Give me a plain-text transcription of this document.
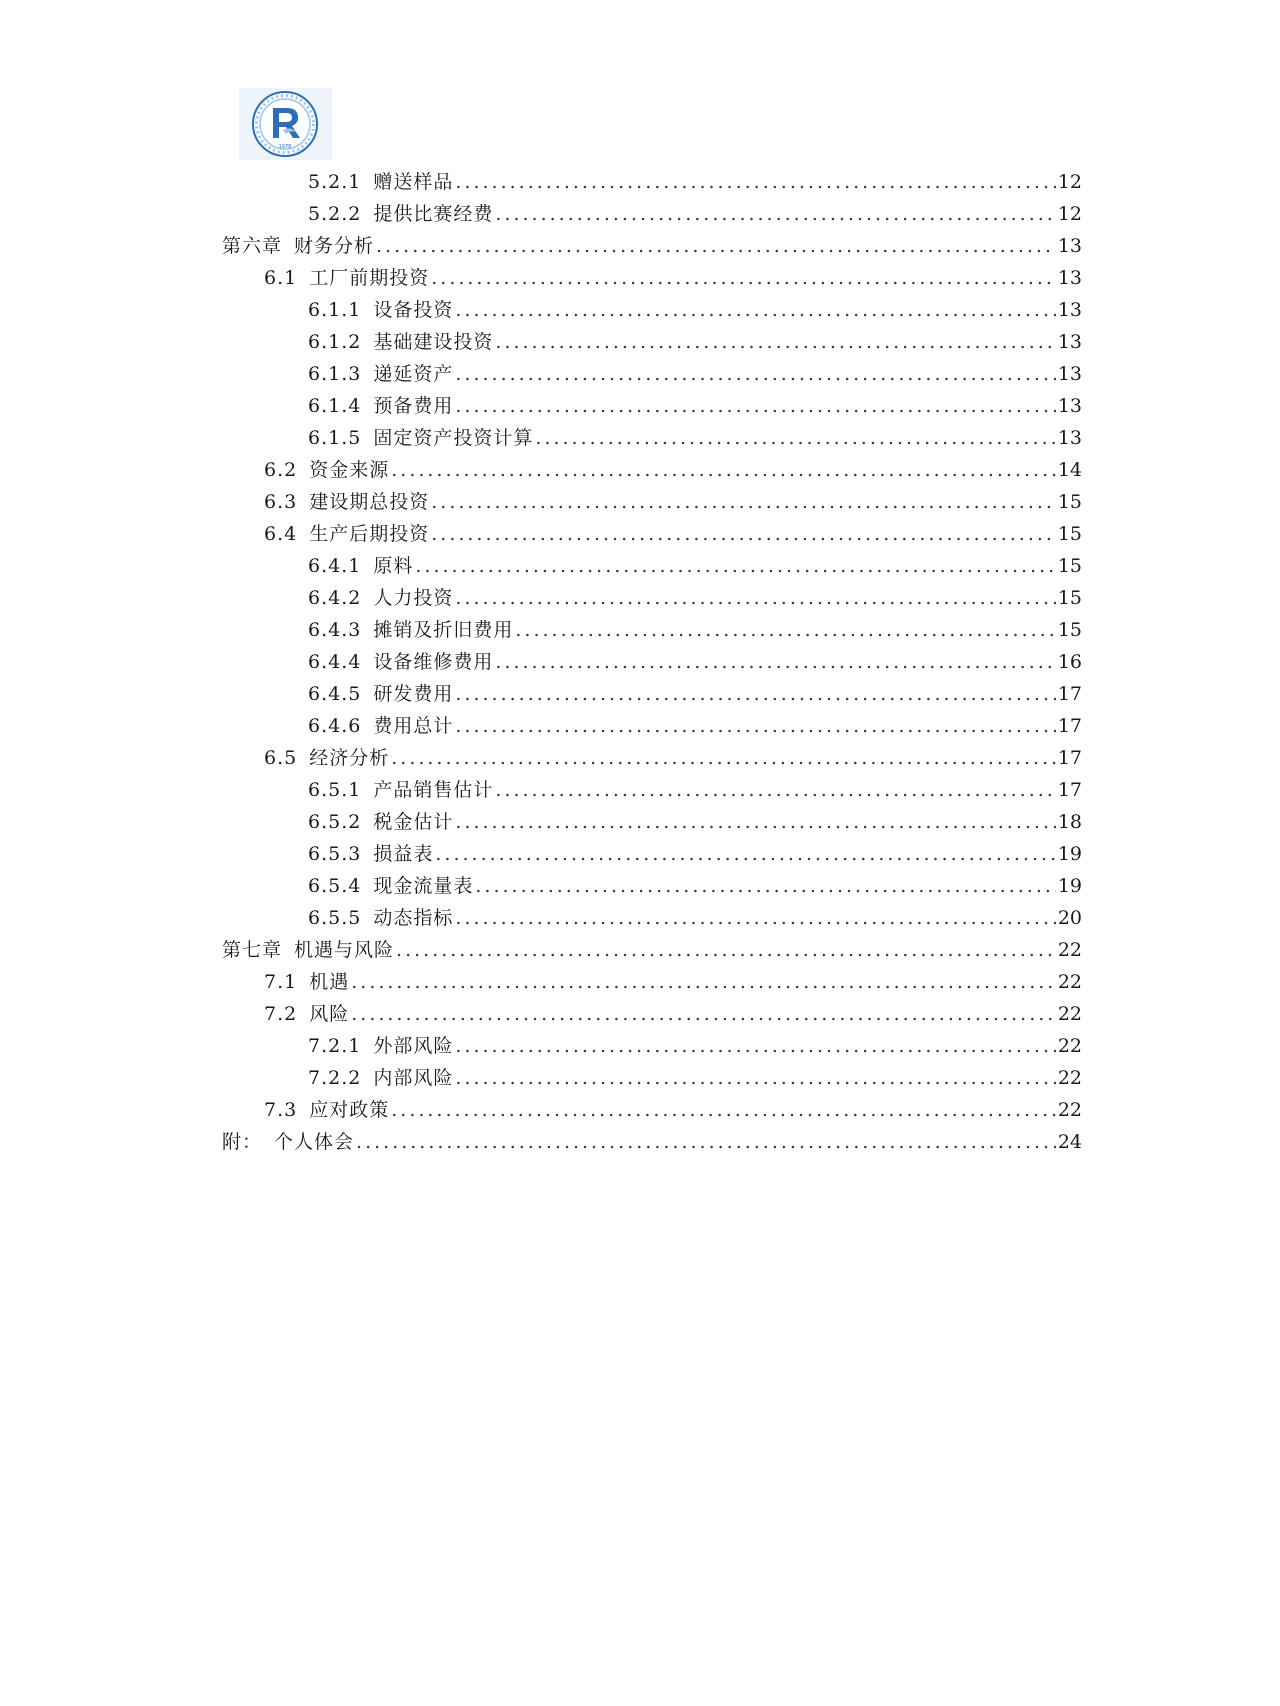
1978
5.2.1 赠送样品 .....	12
5.2.2 提供比赛经费 .....	12
第六章 财务分析 .....	13
6.1 工厂前期投资 .....	13
6.1.1 设备投资 .....	13
6.1.2 基础建设投资 .....	13
6.1.3 递延资产 .....	13
6.1.4 预备费用 .....	13
6.1.5 固定资产投资计算 .....	13
6.2 资金来源 .....	14
6.3 建设期总投资 .....	15
6.4 生产后期投资 .....	15
6.4.1 原料 .....	15
6.4.2 人力投资 .....	15
6.4.3 摊销及折旧费用 .....	15
6.4.4 设备维修费用 .....	16
6.4.5 研发费用 .....	17
6.4.6 费用总计 .....	17
6.5 经济分析 .....	17
6.5.1 产品销售估计 .....	17
6.5.2 税金估计 .....	18
6.5.3 损益表 .....	19
6.5.4 现金流量表 .....	19
6.5.5 动态指标 .....	20
第七章 机遇与风险 .....	22
7.1 机遇 .....	22
7.2 风险 .....	22
7.2.1 外部风险 .....	22
7.2.2 内部风险 .....	22
7.3 应对政策 .....	22
附： 个人体会 .....	24
